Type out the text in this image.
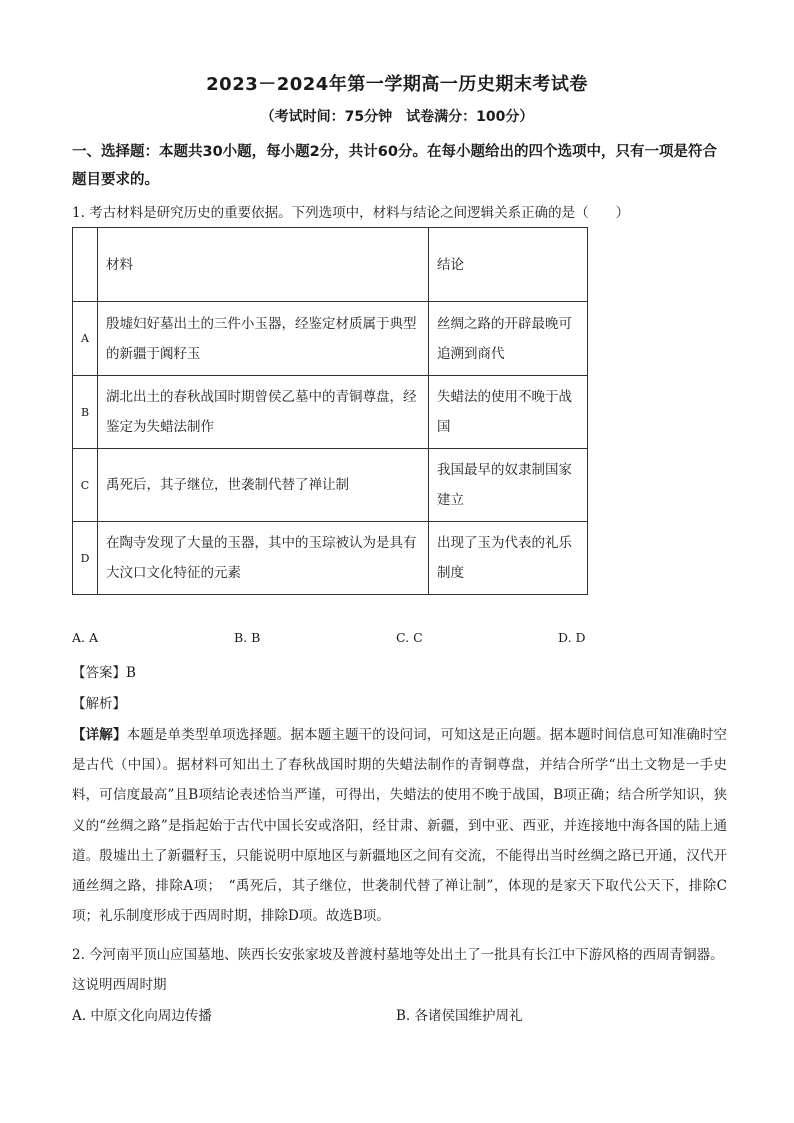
2023－2024年第一学期高一历史期末考试卷
（考试时间：75分钟　试卷满分：100分）
一、选择题：本题共30小题，每小题2分，共计60分。在每小题给出的四个选项中，只有一项是符合题目要求的。
1. 考古材料是研究历史的重要依据。下列选项中，材料与结论之间逻辑关系正确的是（　　）
	材料	结论
A	殷墟妇好墓出土的三件小玉器，经鉴定材质属于典型的新疆于阗籽玉	丝绸之路的开辟最晚可追溯到商代
B	湖北出土的春秋战国时期曾侯乙墓中的青铜尊盘，经鉴定为失蜡法制作	失蜡法的使用不晚于战国
C	禹死后，其子继位，世袭制代替了禅让制	我国最早的奴隶制国家建立
D	在陶寺发现了大量的玉器，其中的玉琮被认为是具有大汶口文化特征的元素	出现了玉为代表的礼乐制度
A. A	B. B	C. C	D. D
【答案】B
【解析】
【详解】本题是单类型单项选择题。据本题主题干的设问词，可知这是正向题。据本题时间信息可知准确时空是古代（中国）。据材料可知出土了春秋战国时期的失蜡法制作的青铜尊盘，并结合所学“出土文物是一手史料，可信度最高”且B项结论表述恰当严谨，可得出，失蜡法的使用不晚于战国，B项正确；结合所学知识，狭义的“丝绸之路”是指起始于古代中国长安或洛阳，经甘肃、新疆，到中亚、西亚，并连接地中海各国的陆上通道。殷墟出土了新疆籽玉，只能说明中原地区与新疆地区之间有交流，不能得出当时丝绸之路已开通，汉代开通丝绸之路，排除A项；　“禹死后，其子继位，世袭制代替了禅让制”，体现的是家天下取代公天下，排除C项；礼乐制度形成于西周时期，排除D项。故选B项。
2. 今河南平顶山应国墓地、陕西长安张家坡及普渡村墓地等处出土了一批具有长江中下游风格的西周青铜器。这说明西周时期
A. 中原文化向周边传播	B. 各诸侯国维护周礼
